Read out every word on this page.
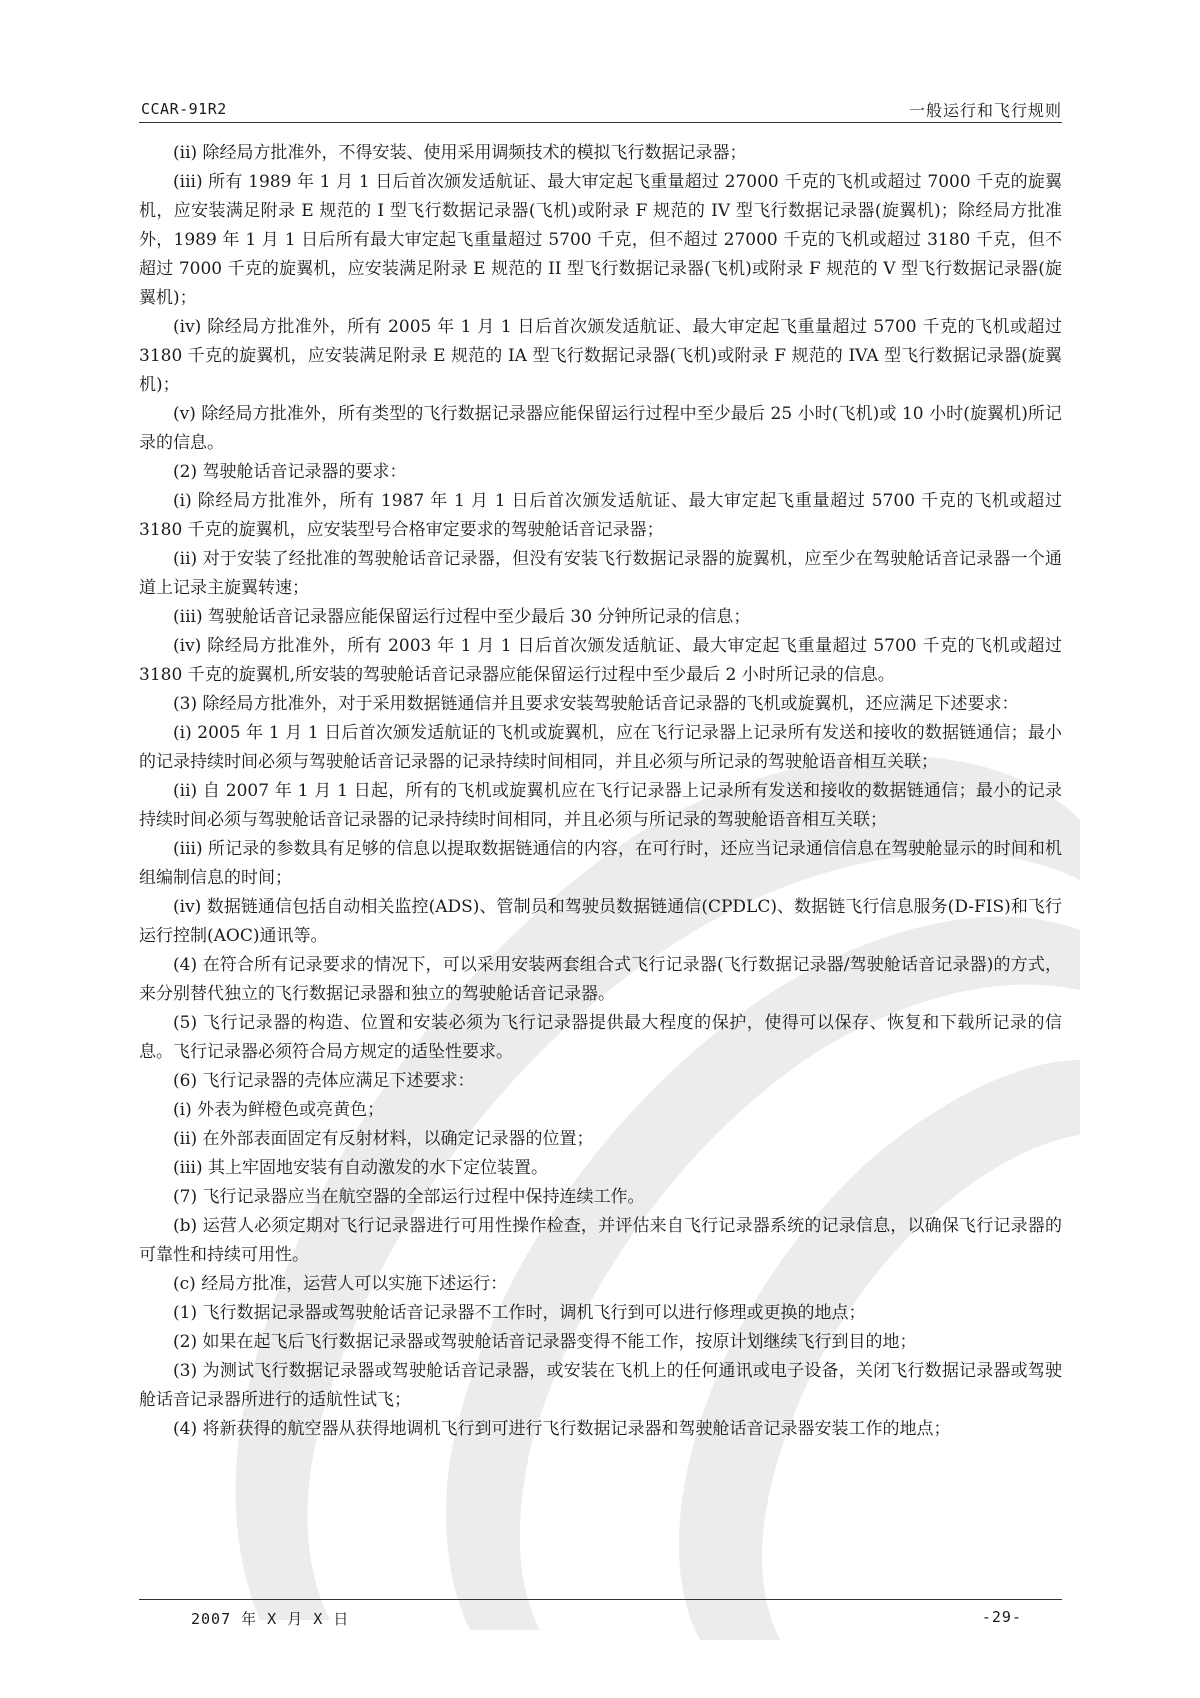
CCAR-91R2	一般运行和飞行规则

(ii) 除经局方批准外，不得安装、使用采用调频技术的模拟飞行数据记录器；

(iii) 所有 1989 年 1 月 1 日后首次颁发适航证、最大审定起飞重量超过 27000 千克的飞机或超过 7000 千克的旋翼机，应安装满足附录 E 规范的 I 型飞行数据记录器(飞机)或附录 F 规范的 IV 型飞行数据记录器(旋翼机)；除经局方批准外，1989 年 1 月 1 日后所有最大审定起飞重量超过 5700 千克，但不超过 27000 千克的飞机或超过 3180 千克，但不超过 7000 千克的旋翼机，应安装满足附录 E 规范的 II 型飞行数据记录器(飞机)或附录 F 规范的 V 型飞行数据记录器(旋翼机)；

(iv) 除经局方批准外，所有 2005 年 1 月 1 日后首次颁发适航证、最大审定起飞重量超过 5700 千克的飞机或超过 3180 千克的旋翼机，应安装满足附录 E 规范的 IA 型飞行数据记录器(飞机)或附录 F 规范的 IVA 型飞行数据记录器(旋翼机)；

(v) 除经局方批准外，所有类型的飞行数据记录器应能保留运行过程中至少最后 25 小时(飞机)或 10 小时(旋翼机)所记录的信息。

(2) 驾驶舱话音记录器的要求：

(i) 除经局方批准外，所有 1987 年 1 月 1 日后首次颁发适航证、最大审定起飞重量超过 5700 千克的飞机或超过 3180 千克的旋翼机，应安装型号合格审定要求的驾驶舱话音记录器；

(ii) 对于安装了经批准的驾驶舱话音记录器，但没有安装飞行数据记录器的旋翼机，应至少在驾驶舱话音记录器一个通道上记录主旋翼转速；

(iii) 驾驶舱话音记录器应能保留运行过程中至少最后 30 分钟所记录的信息；

(iv) 除经局方批准外，所有 2003 年 1 月 1 日后首次颁发适航证、最大审定起飞重量超过 5700 千克的飞机或超过 3180 千克的旋翼机,所安装的驾驶舱话音记录器应能保留运行过程中至少最后 2 小时所记录的信息。

(3) 除经局方批准外，对于采用数据链通信并且要求安装驾驶舱话音记录器的飞机或旋翼机，还应满足下述要求：

(i) 2005 年 1 月 1 日后首次颁发适航证的飞机或旋翼机，应在飞行记录器上记录所有发送和接收的数据链通信；最小的记录持续时间必须与驾驶舱话音记录器的记录持续时间相同，并且必须与所记录的驾驶舱语音相互关联；

(ii) 自 2007 年 1 月 1 日起，所有的飞机或旋翼机应在飞行记录器上记录所有发送和接收的数据链通信；最小的记录持续时间必须与驾驶舱话音记录器的记录持续时间相同，并且必须与所记录的驾驶舱语音相互关联；

(iii) 所记录的参数具有足够的信息以提取数据链通信的内容，在可行时，还应当记录通信信息在驾驶舱显示的时间和机组编制信息的时间；

(iv) 数据链通信包括自动相关监控(ADS)、管制员和驾驶员数据链通信(CPDLC)、数据链飞行信息服务(D-FIS)和飞行运行控制(AOC)通讯等。

(4) 在符合所有记录要求的情况下，可以采用安装两套组合式飞行记录器(飞行数据记录器/驾驶舱话音记录器)的方式，来分别替代独立的飞行数据记录器和独立的驾驶舱话音记录器。

(5) 飞行记录器的构造、位置和安装必须为飞行记录器提供最大程度的保护，使得可以保存、恢复和下载所记录的信息。飞行记录器必须符合局方规定的适坠性要求。

(6) 飞行记录器的壳体应满足下述要求：

(i) 外表为鲜橙色或亮黄色；

(ii) 在外部表面固定有反射材料，以确定记录器的位置；

(iii) 其上牢固地安装有自动激发的水下定位装置。

(7) 飞行记录器应当在航空器的全部运行过程中保持连续工作。

(b) 运营人必须定期对飞行记录器进行可用性操作检查，并评估来自飞行记录器系统的记录信息，以确保飞行记录器的可靠性和持续可用性。

(c) 经局方批准，运营人可以实施下述运行：

(1) 飞行数据记录器或驾驶舱话音记录器不工作时，调机飞行到可以进行修理或更换的地点；

(2) 如果在起飞后飞行数据记录器或驾驶舱话音记录器变得不能工作，按原计划继续飞行到目的地；

(3) 为测试飞行数据记录器或驾驶舱话音记录器，或安装在飞机上的任何通讯或电子设备，关闭飞行数据记录器或驾驶舱话音记录器所进行的适航性试飞；

(4) 将新获得的航空器从获得地调机飞行到可进行飞行数据记录器和驾驶舱话音记录器安装工作的地点；

2007 年 X 月 X 日	-29-
